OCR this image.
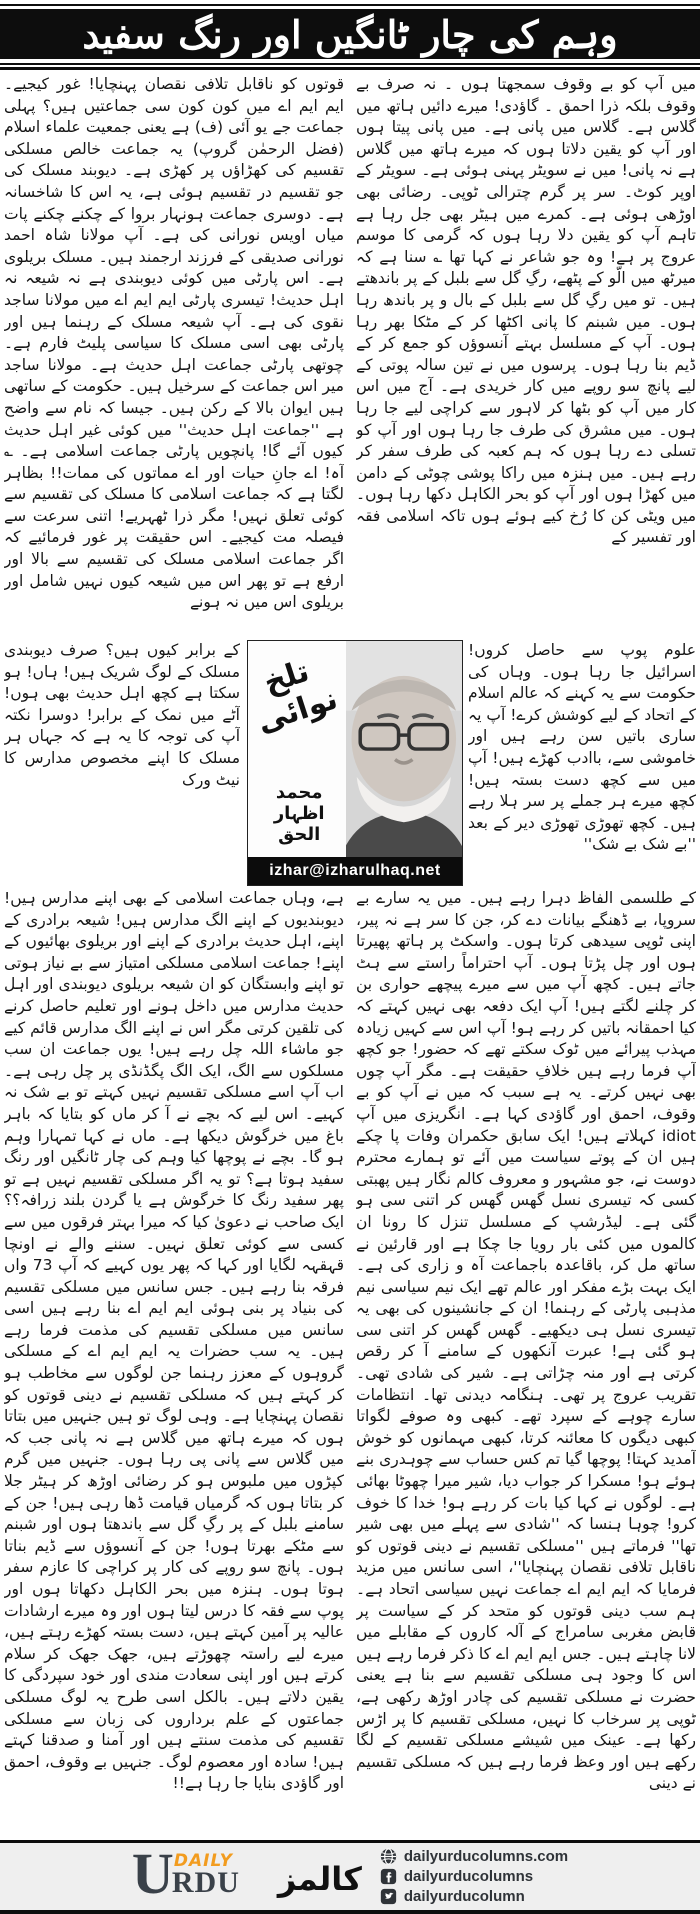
وہم کی چار ٹانگیں اور رنگ سفید
میں آپ کو بے وقوف سمجھتا ہوں ۔ نہ صرف بے وقوف بلکہ ذرا احمق ۔ گاؤدی! میرے دائیں ہاتھ میں گلاس ہے۔ گلاس میں پانی ہے۔ میں پانی پیتا ہوں اور آپ کو یقین دلاتا ہوں کہ میرے ہاتھ میں گلاس ہے نہ پانی! میں نے سویٹر پہنی ہوئی ہے۔ سویٹر کے اوپر کوٹ۔ سر پر گرم چترالی ٹوپی۔ رضائی بھی اوڑھی ہوئی ہے۔ کمرے میں ہیٹر بھی جل رہا ہے تاہم آپ کو یقین دلا رہا ہوں کہ گرمی کا موسم عروج پر ہے! وہ جو شاعر نے کہا تھا ؎ سنا ہے کہ میرٹھ میں الّو کے پٹھے، رگِ گل سے بلبل کے پر باندھتے ہیں۔ تو میں رگِ گل سے بلبل کے بال و پر باندھ رہا ہوں۔ میں شبنم کا پانی اکٹھا کر کے مٹکا بھر رہا ہوں۔ آپ کے مسلسل بہتے آنسوؤں کو جمع کر کے ڈیم بنا رہا ہوں۔ پرسوں میں نے تین سالہ پوتی کے لیے پانچ سو روپے میں کار خریدی ہے۔ آج میں اس کار میں آپ کو بٹھا کر لاہور سے کراچی لیے جا رہا ہوں۔ میں مشرق کی طرف جا رہا ہوں اور آپ کو تسلی دے رہا ہوں کہ ہم کعبہ کی طرف سفر کر رہے ہیں۔ میں ہنزہ میں راکا پوشی چوٹی کے دامن میں کھڑا ہوں اور آپ کو بحر الکاہل دکھا رہا ہوں۔ میں ویٹی کن کا رُخ کیے ہوئے ہوں تاکہ اسلامی فقہ اور تفسیر کے
علوم پوپ سے حاصل کروں! اسرائیل جا رہا ہوں۔ وہاں کی حکومت سے یہ کہنے کہ عالم اسلام کے اتحاد کے لیے کوشش کرے! آپ یہ ساری باتیں سن رہے ہیں اور خاموشی سے، باادب کھڑے ہیں! آپ میں سے کچھ دست بستہ ہیں! کچھ میرے ہر جملے پر سر ہلا رہے ہیں۔ کچھ تھوڑی تھوڑی دیر کے بعد ''بے شک بے شک''
کے طلسمی الفاظ دہرا رہے ہیں۔ میں یہ سارے بے سروپا، بے ڈھنگے بیانات دے کر، جن کا سر ہے نہ پیر، اپنی ٹوپی سیدھی کرتا ہوں۔ واسکٹ پر ہاتھ پھیرتا ہوں اور چل پڑتا ہوں۔ آپ احتراماً راستے سے ہٹ جاتے ہیں۔ کچھ آپ میں سے میرے پیچھے حواری بن کر چلنے لگتے ہیں! آپ ایک دفعہ بھی نہیں کہتے کہ کیا احمقانہ باتیں کر رہے ہو! آپ اس سے کہیں زیادہ مہذب پیرائے میں ٹوک سکتے تھے کہ حضور! جو کچھ آپ فرما رہے ہیں خلافِ حقیقت ہے۔ مگر آپ چوں بھی نہیں کرتے۔ یہ ہے سبب کہ میں نے آپ کو بے وقوف، احمق اور گاؤدی کہا ہے۔ انگریزی میں آپ idiot کہلاتے ہیں! ایک سابق حکمران وفات پا چکے ہیں ان کے پوتے سیاست میں آئے تو ہمارے محترم دوست نے، جو مشہور و معروف کالم نگار ہیں پھبتی کسی کہ تیسری نسل گھس گھس کر اتنی سی ہو گئی ہے۔ لیڈرشپ کے مسلسل تنزل کا رونا ان کالموں میں کئی بار رویا جا چکا ہے اور قارئین نے ساتھ مل کر، باقاعدہ باجماعت آہ و زاری کی ہے۔ ایک بہت بڑے مفکر اور عالم تھے ایک نیم سیاسی نیم مذہبی پارٹی کے رہنما! ان کے جانشینوں کی بھی یہ تیسری نسل ہی دیکھیے۔ گھس گھس کر اتنی سی ہو گئی ہے! عبرت آنکھوں کے سامنے آ کر رقص کرتی ہے اور منہ چڑاتی ہے۔ شیر کی شادی تھی۔ تقریب عروج پر تھی۔ ہنگامہ دیدنی تھا۔ انتظامات سارے چوہے کے سپرد تھے۔ کبھی وہ صوفے لگواتا کبھی دیگوں کا معائنہ کرتا، کبھی مہمانوں کو خوش آمدید کہتا! پوچھا گیا تم کس حساب سے چوہدری بنے ہوئے ہو! مسکرا کر جواب دیا، شیر میرا چھوٹا بھائی ہے۔ لوگوں نے کہا کیا بات کر رہے ہو! خدا کا خوف کرو! چوہا ہنسا کہ ''شادی سے پہلے میں بھی شیر تھا'' فرماتے ہیں ''مسلکی تقسیم نے دینی قوتوں کو ناقابل تلافی نقصان پہنچایا''، اسی سانس میں مزید فرمایا کہ ایم ایم اے جماعت نہیں سیاسی اتحاد ہے۔ ہم سب دینی قوتوں کو متحد کر کے سیاست پر قابض مغربی سامراج کے آلہ کاروں کے مقابلے میں لانا چاہتے ہیں۔ جس ایم ایم اے کا ذکر فرما رہے ہیں اس کا وجود ہی مسلکی تقسیم سے بنا ہے یعنی حضرت نے مسلکی تقسیم کی چادر اوڑھ رکھی ہے، ٹوپی پر سرخاب کا نہیں، مسلکی تقسیم کا پر اڑس رکھا ہے۔ عینک میں شیشے مسلکی تقسیم کے لگا رکھے ہیں اور وعظ فرما رہے ہیں کہ مسلکی تقسیم نے دینی
قوتوں کو ناقابل تلافی نقصان پہنچایا! غور کیجیے۔ ایم ایم اے میں کون کون سی جماعتیں ہیں؟ پہلی جماعت جے یو آئی (ف) ہے یعنی جمعیت علماء اسلام (فضل الرحمٰن گروپ) یہ جماعت خالص مسلکی تقسیم کی کھڑاؤں پر کھڑی ہے۔ دیوبند مسلک کی جو تقسیم در تقسیم ہوئی ہے، یہ اس کا شاخسانہ ہے۔ دوسری جماعت ہونہار بروا کے چکنے چکنے پات میاں اویس نورانی کی ہے۔ آپ مولانا شاہ احمد نورانی صدیقی کے فرزند ارجمند ہیں۔ مسلک بریلوی ہے۔ اس پارٹی میں کوئی دیوبندی ہے نہ شیعہ نہ اہل حدیث! تیسری پارٹی ایم ایم اے میں مولانا ساجد نقوی کی ہے۔ آپ شیعہ مسلک کے رہنما ہیں اور پارٹی بھی اسی مسلک کا سیاسی پلیٹ فارم ہے۔ چوتھی پارٹی جماعت اہل حدیث ہے۔ مولانا ساجد میر اس جماعت کے سرخیل ہیں۔ حکومت کے ساتھی ہیں ایوان بالا کے رکن ہیں۔ جیسا کہ نام سے واضح ہے ''جماعت اہل حدیث'' میں کوئی غیر اہل حدیث کیوں آئے گا! پانچویں پارٹی جماعت اسلامی ہے۔ ؎ آہ! اے جانِ حیات اور اے مماتوں کی ممات!! بظاہر لگتا ہے کہ جماعت اسلامی کا مسلک کی تقسیم سے کوئی تعلق نہیں! مگر ذرا ٹھہریے! اتنی سرعت سے فیصلہ مت کیجیے۔ اس حقیقت پر غور فرمائیے کہ اگر جماعت اسلامی مسلک کی تقسیم سے بالا اور ارفع ہے تو پھر اس میں شیعہ کیوں نہیں شامل اور بریلوی اس میں نہ ہونے
کے برابر کیوں ہیں؟ صرف دیوبندی مسلک کے لوگ شریک ہیں! ہاں! ہو سکتا ہے کچھ اہل حدیث بھی ہوں! آٹے میں نمک کے برابر! دوسرا نکتہ آپ کی توجہ کا یہ ہے کہ جہاں ہر مسلک کا اپنے مخصوص مدارس کا نیٹ ورک
ہے، وہاں جماعت اسلامی کے بھی اپنے مدارس ہیں! دیوبندیوں کے اپنے الگ مدارس ہیں! شیعہ برادری کے اپنے، اہل حدیث برادری کے اپنے اور بریلوی بھائیوں کے اپنے! جماعت اسلامی مسلکی امتیاز سے بے نیاز ہوتی تو اپنے وابستگان کو ان شیعہ بریلوی دیوبندی اور اہل حدیث مدارس میں داخل ہونے اور تعلیم حاصل کرنے کی تلقین کرتی مگر اس نے اپنے الگ مدارس قائم کیے جو ماشاء اللہ چل رہے ہیں! یوں جماعت ان سب مسلکوں سے الگ، ایک الگ پگڈنڈی پر چل رہی ہے۔ اب آپ اسے مسلکی تقسیم نہیں کہتے تو بے شک نہ کہیے۔ اس لیے کہ بچے نے آ کر ماں کو بتایا کہ باہر باغ میں خرگوش دیکھا ہے۔ ماں نے کہا تمہارا وہم ہو گا۔ بچے نے پوچھا کیا وہم کی چار ٹانگیں اور رنگ سفید ہوتا ہے؟ تو یہ اگر مسلکی تقسیم نہیں ہے تو پھر سفید رنگ کا خرگوش ہے یا گردن بلند زرافہ؟؟ ایک صاحب نے دعویٰ کیا کہ میرا بہتر فرقوں میں سے کسی سے کوئی تعلق نہیں۔ سننے والے نے اونچا قہقہہ لگایا اور کہا کہ پھر یوں کہیے کہ آپ 73 واں فرقہ بنا رہے ہیں۔ جس سانس میں مسلکی تقسیم کی بنیاد پر بنی ہوئی ایم ایم اے بنا رہے ہیں اسی سانس میں مسلکی تقسیم کی مذمت فرما رہے ہیں۔ یہ سب حضرات یہ ایم ایم اے کے مسلکی گروہوں کے معزز رہنما جن لوگوں سے مخاطب ہو کر کہتے ہیں کہ مسلکی تقسیم نے دینی قوتوں کو نقصان پہنچایا ہے۔ وہی لوگ تو ہیں جنہیں میں بتاتا ہوں کہ میرے ہاتھ میں گلاس ہے نہ پانی جب کہ میں گلاس سے پانی پی رہا ہوں۔ جنہیں میں گرم کپڑوں میں ملبوس ہو کر رضائی اوڑھ کر ہیٹر جلا کر بتاتا ہوں کہ گرمیاں قیامت ڈھا رہی ہیں! جن کے سامنے بلبل کے پر رگِ گل سے باندھتا ہوں اور شبنم سے مٹکے بھرتا ہوں! جن کے آنسوؤں سے ڈیم بناتا ہوں۔ پانچ سو روپے کی کار پر کراچی کا عازم سفر ہوتا ہوں۔ ہنزہ میں بحر الکاہل دکھاتا ہوں اور پوپ سے فقہ کا درس لیتا ہوں اور وہ میرے ارشادات عالیہ پر آمین کہتے ہیں، دست بستہ کھڑے رہتے ہیں، میرے لیے راستہ چھوڑتے ہیں، جھک جھک کر سلام کرتے ہیں اور اپنی سعادت مندی اور خود سپردگی کا یقین دلاتے ہیں۔ بالکل اسی طرح یہ لوگ مسلکی جماعتوں کے علم برداروں کی زبان سے مسلکی تقسیم کی مذمت سنتے ہیں اور آمنا و صدقنا کہتے ہیں! سادہ اور معصوم لوگ۔ جنہیں بے وقوف، احمق اور گاؤدی بنایا جا رہا ہے!!
تلخ نوائی
محمد اظہار الحق
izhar@izharulhaq.net
U DAILY
RDU کالمز
dailyurducolumns.com
dailyurducolumns
dailyurducolumn
